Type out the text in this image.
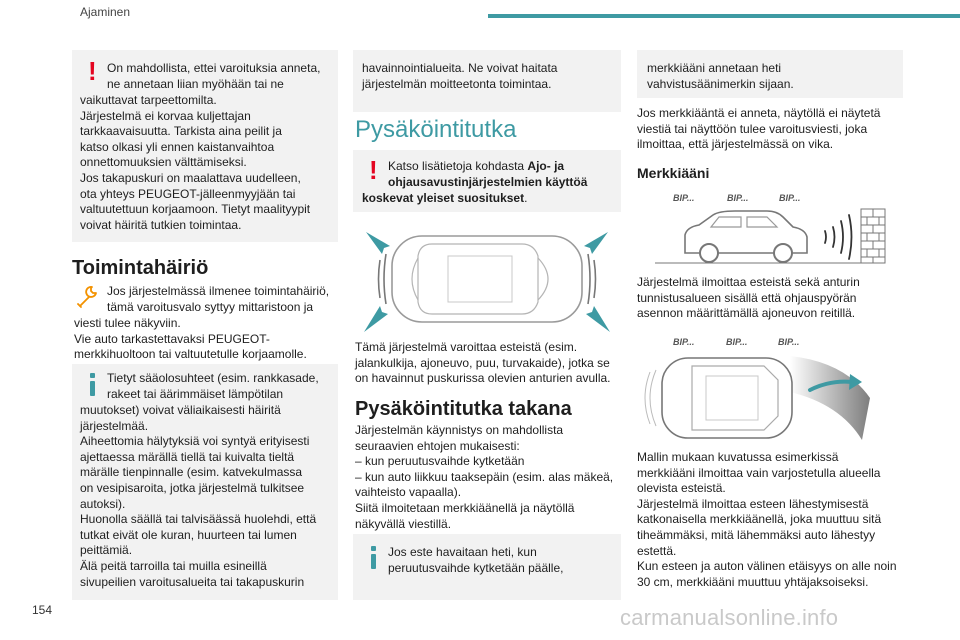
Ajaminen
! On mahdollista, ettei varoituksia anneta,
ne annetaan liian myöhään tai ne
vaikuttavat tarpeettomilta.
Järjestelmä ei korvaa kuljettajan
tarkkaavaisuutta. Tarkista aina peilit ja
katso olkasi yli ennen kaistanvaihtoa
onnettomuuksien välttämiseksi.
Jos takapuskuri on maalattava uudelleen,
ota yhteys PEUGEOT-jälleenmyyjään tai
valtuutettuun korjaamoon. Tietyt maalityypit
voivat häiritä tutkien toimintaa.
Toimintahäiriö
Jos järjestelmässä ilmenee toimintahäiriö,
tämä varoitusvalo syttyy mittaristoon ja
viesti tulee näkyviin.
Vie auto tarkastettavaksi PEUGEOT-
merkkihuoltoon tai valtuutetulle korjaamolle.
Tietyt sääolosuhteet (esim. rankkasade,
rakeet tai äärimmäiset lämpötilan
muutokset) voivat väliaikaisesti häiritä
järjestelmää.
Aiheettomia hälytyksiä voi syntyä erityisesti
ajettaessa märällä tiellä tai kuivalta tieltä
märälle tienpinnalle (esim. katvekulmassa
on vesipisaroita, jotka järjestelmä tulkitsee
autoksi).
Huonolla säällä tai talvisäässä huolehdi, että
tutkat eivät ole kuran, huurteen tai lumen
peittämiä.
Älä peitä tarroilla tai muilla esineillä
sivupeilien varoitusalueita tai takapuskurin
havainnointialueita. Ne voivat haitata
järjestelmän moitteetonta toimintaa.
Pysäköintitutka
! Katso lisätietoja kohdasta Ajo- ja
ohjausavustinjärjestelmien käyttöä
koskevat yleiset suositukset.
Tämä järjestelmä varoittaa esteistä (esim.
jalankulkija, ajoneuvo, puu, turvakaide), jotka se
on havainnut puskurissa olevien anturien avulla.
Pysäköintitutka takana
Järjestelmän käynnistys on mahdollista
seuraavien ehtojen mukaisesti:
– kun peruutusvaihde kytketään
– kun auto liikkuu taaksepäin (esim. alas mäkeä,
vaihteisto vapaalla).
Siitä ilmoitetaan merkkiäänellä ja näytöllä
näkyvällä viestillä.
Jos este havaitaan heti, kun
peruutusvaihde kytketään päälle,
merkkiääni annetaan heti
vahvistusäänimerkin sijaan.
Jos merkkiääntä ei anneta, näytöllä ei näytetä
viestiä tai näyttöön tulee varoitusviesti, joka
ilmoittaa, että järjestelmässä on vika.
Merkkiääni
BIP...	BIP...	BIP...
Järjestelmä ilmoittaa esteistä sekä anturin
tunnistusalueen sisällä että ohjauspyörän
asennon määrittämällä ajoneuvon reitillä.
BIP...	BIP...	BIP...
Mallin mukaan kuvatussa esimerkissä
merkkiääni ilmoittaa vain varjostetulla alueella
olevista esteistä.
Järjestelmä ilmoittaa esteen lähestymisestä
katkonaisella merkkiäänellä, joka muuttuu sitä
tiheämmäksi, mitä lähemmäksi auto lähestyy
estettä.
Kun esteen ja auton välinen etäisyys on alle noin
30 cm, merkkiääni muuttuu yhtäjaksoiseksi.
154	carmanualsonline.info
